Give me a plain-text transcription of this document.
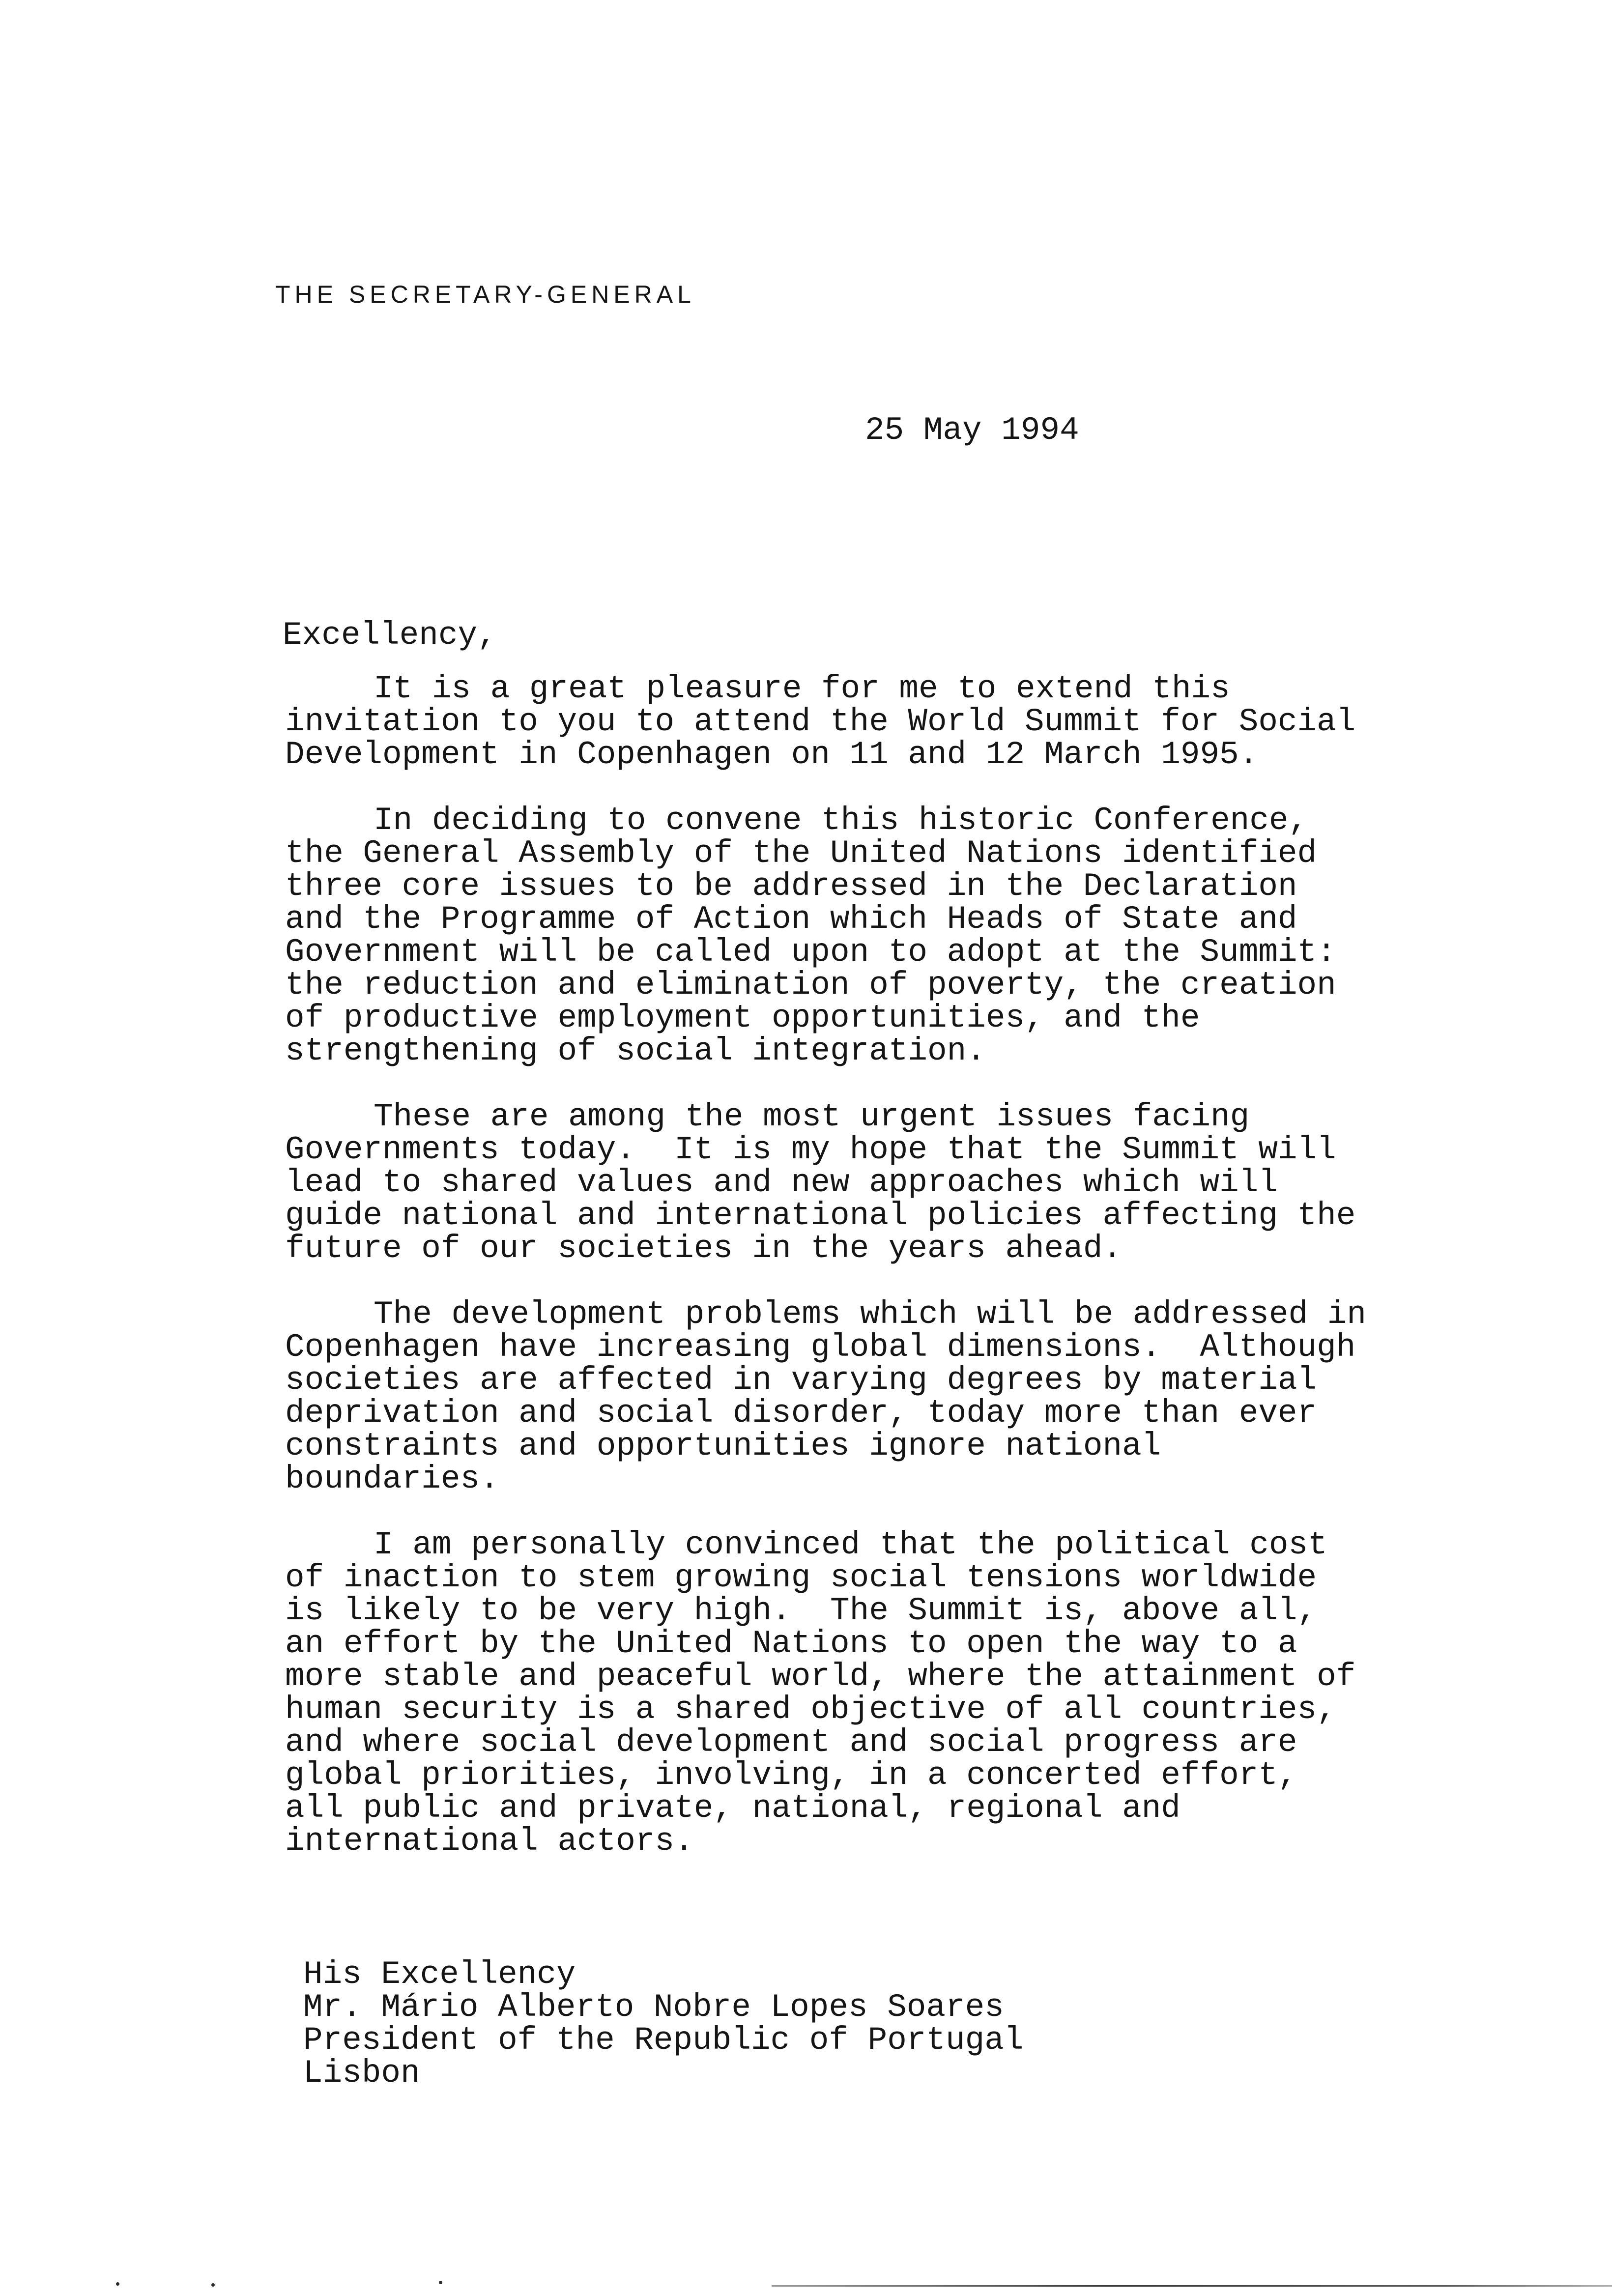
THE SECRETARY-GENERAL
25 May 1994
Excellency,
It is a great pleasure for me to extend this
invitation to you to attend the World Summit for Social
Development in Copenhagen on 11 and 12 March 1995.
In deciding to convene this historic Conference,
the General Assembly of the United Nations identified
three core issues to be addressed in the Declaration
and the Programme of Action which Heads of State and
Government will be called upon to adopt at the Summit:
the reduction and elimination of poverty, the creation
of productive employment opportunities, and the
strengthening of social integration.
These are among the most urgent issues facing
Governments today.  It is my hope that the Summit will
lead to shared values and new approaches which will
guide national and international policies affecting the
future of our societies in the years ahead.
The development problems which will be addressed in
Copenhagen have increasing global dimensions.  Although
societies are affected in varying degrees by material
deprivation and social disorder, today more than ever
constraints and opportunities ignore national
boundaries.
I am personally convinced that the political cost
of inaction to stem growing social tensions worldwide
is likely to be very high.  The Summit is, above all,
an effort by the United Nations to open the way to a
more stable and peaceful world, where the attainment of
human security is a shared objective of all countries,
and where social development and social progress are
global priorities, involving, in a concerted effort,
all public and private, national, regional and
international actors.
His Excellency
Mr. Mário Alberto Nobre Lopes Soares
President of the Republic of Portugal
Lisbon
